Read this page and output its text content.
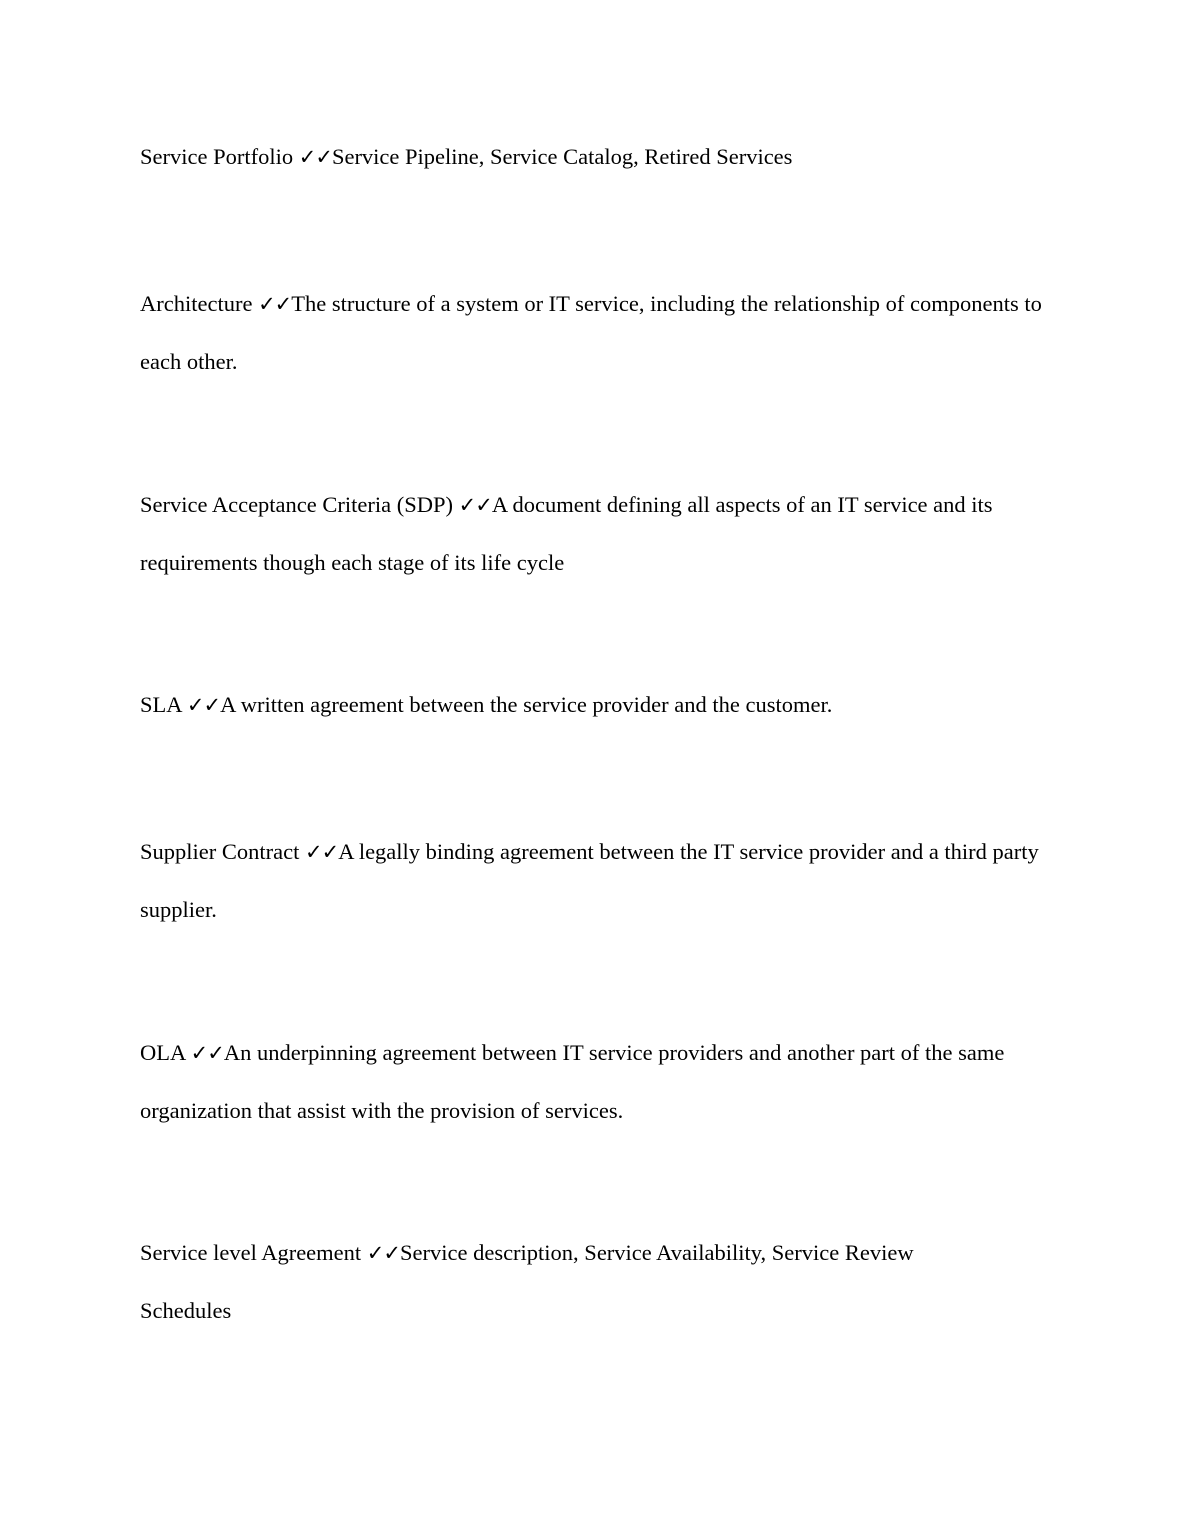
Service Portfolio ✓✓Service Pipeline, Service Catalog, Retired Services

Architecture ✓✓The structure of a system or IT service, including the relationship of components to each other.

Service Acceptance Criteria (SDP) ✓✓A document defining all aspects of an IT service and its requirements though each stage of its life cycle

SLA ✓✓A written agreement between the service provider and the customer.

Supplier Contract ✓✓A legally binding agreement between the IT service provider and a third party supplier.

OLA ✓✓An underpinning agreement between IT service providers and another part of the same organization that assist with the provision of services.

Service level Agreement ✓✓Service description, Service Availability, Service Review Schedules
